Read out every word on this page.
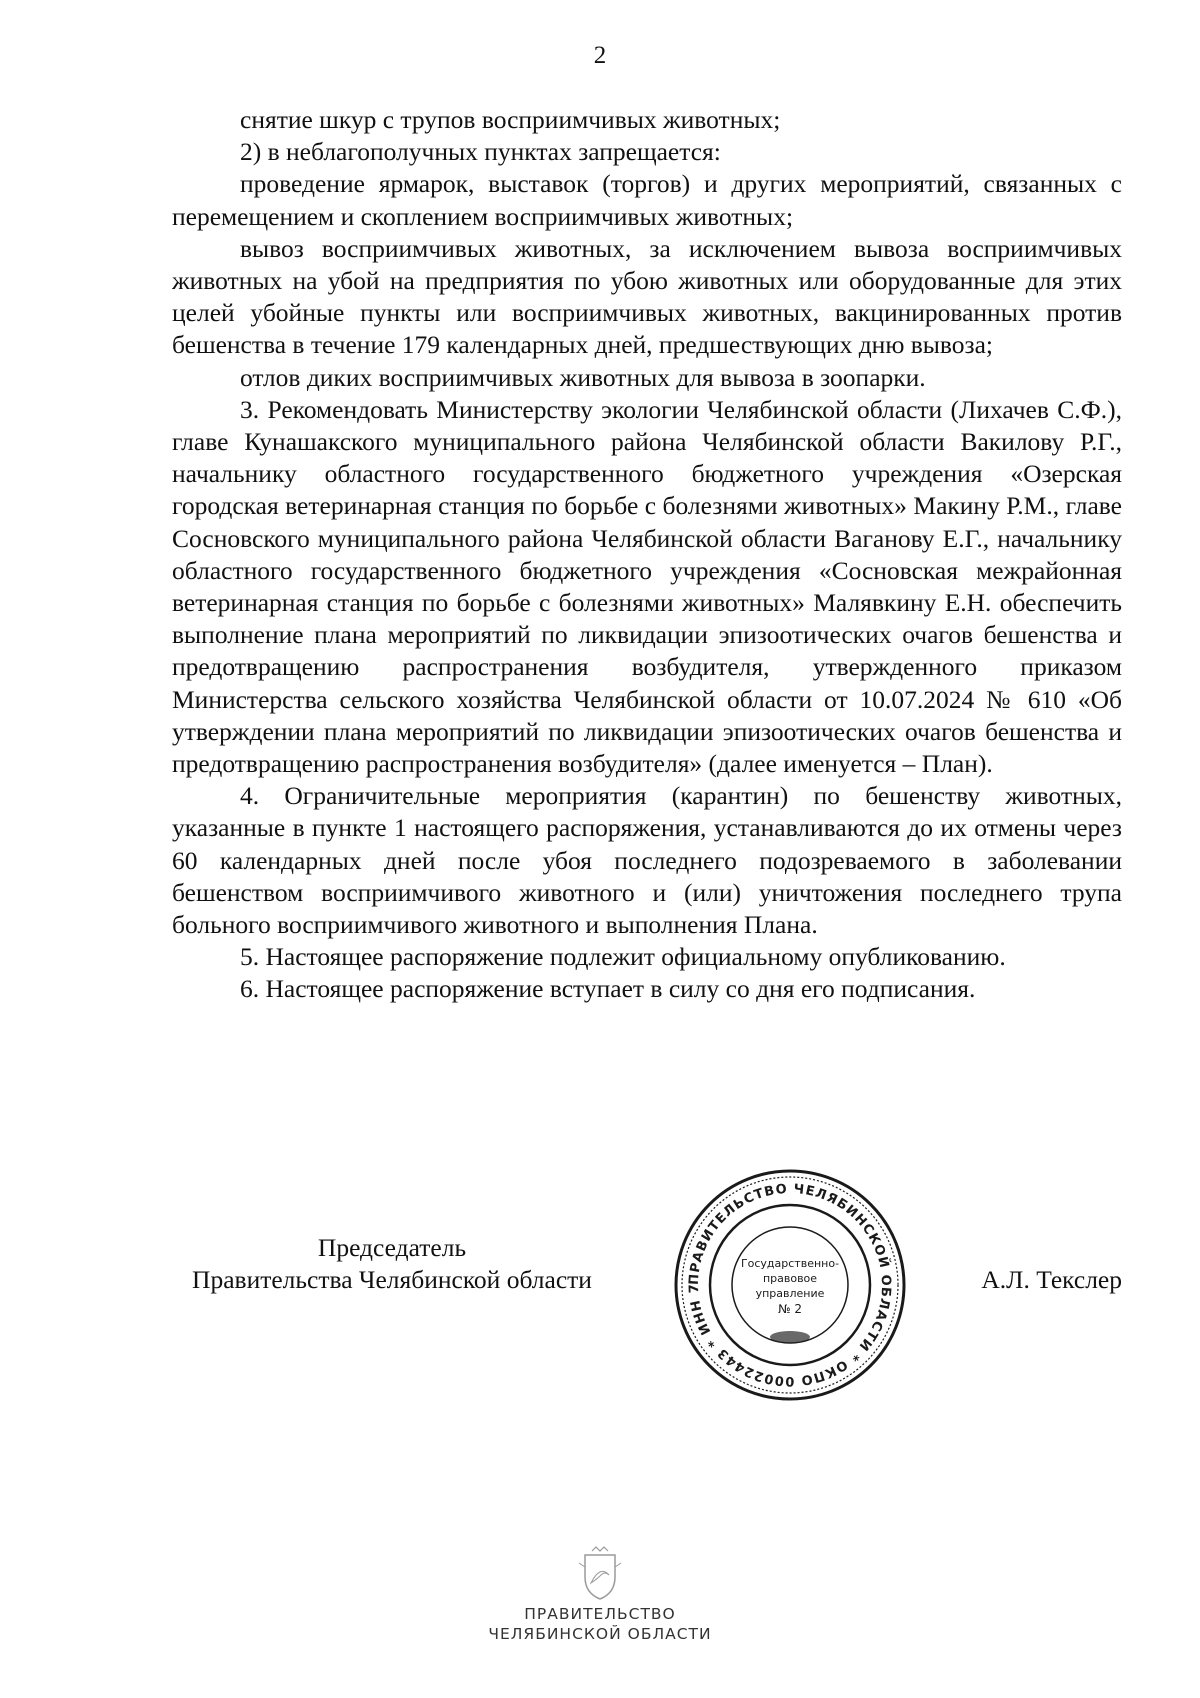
2

снятие шкур с трупов восприимчивых животных;

2) в неблагополучных пунктах запрещается:

проведение ярмарок, выставок (торгов) и других мероприятий, связанных с перемещением и скоплением восприимчивых животных;

вывоз восприимчивых животных, за исключением вывоза восприимчивых животных на убой на предприятия по убою животных или оборудованные для этих целей убойные пункты или восприимчивых животных, вакцинированных против бешенства в течение 179 календарных дней, предшествующих дню вывоза;

отлов диких восприимчивых животных для вывоза в зоопарки.

3. Рекомендовать Министерству экологии Челябинской области (Лихачев С.Ф.), главе Кунашакского муниципального района Челябинской области Вакилову Р.Г., начальнику областного государственного бюджетного учреждения «Озерская городская ветеринарная станция по борьбе с болезнями животных» Макину Р.М., главе Сосновского муниципального района Челябинской области Ваганову Е.Г., начальнику областного государственного бюджетного учреждения «Сосновская межрайонная ветеринарная станция по борьбе с болезнями животных» Малявкину Е.Н. обеспечить выполнение плана мероприятий по ликвидации эпизоотических очагов бешенства и предотвращению распространения возбудителя, утвержденного приказом Министерства сельского хозяйства Челябинской области от 10.07.2024 № 610 «Об утверждении плана мероприятий по ликвидации эпизоотических очагов бешенства и предотвращению распространения возбудителя» (далее именуется – План).

4. Ограничительные мероприятия (карантин) по бешенству животных, указанные в пункте 1 настоящего распоряжения, устанавливаются до их отмены через 60 календарных дней после убоя последнего подозреваемого в заболевании бешенством восприимчивого животного и (или) уничтожения последнего трупа больного восприимчивого животного и выполнения Плана.

5. Настоящее распоряжение подлежит официальному опубликованию.

6. Настоящее распоряжение вступает в силу со дня его подписания.

Председатель
Правительства Челябинской области	А.Л. Текслер
ПРАВИТЕЛЬСТВО ЧЕЛЯБИНСКОЙ ОБЛАСТИ * ОКПО 00022443 * ИНН 7
Государственно-
правовое
управление
№ 2
ПРАВИТЕЛЬСТВО
ЧЕЛЯБИНСКОЙ ОБЛАСТИ
